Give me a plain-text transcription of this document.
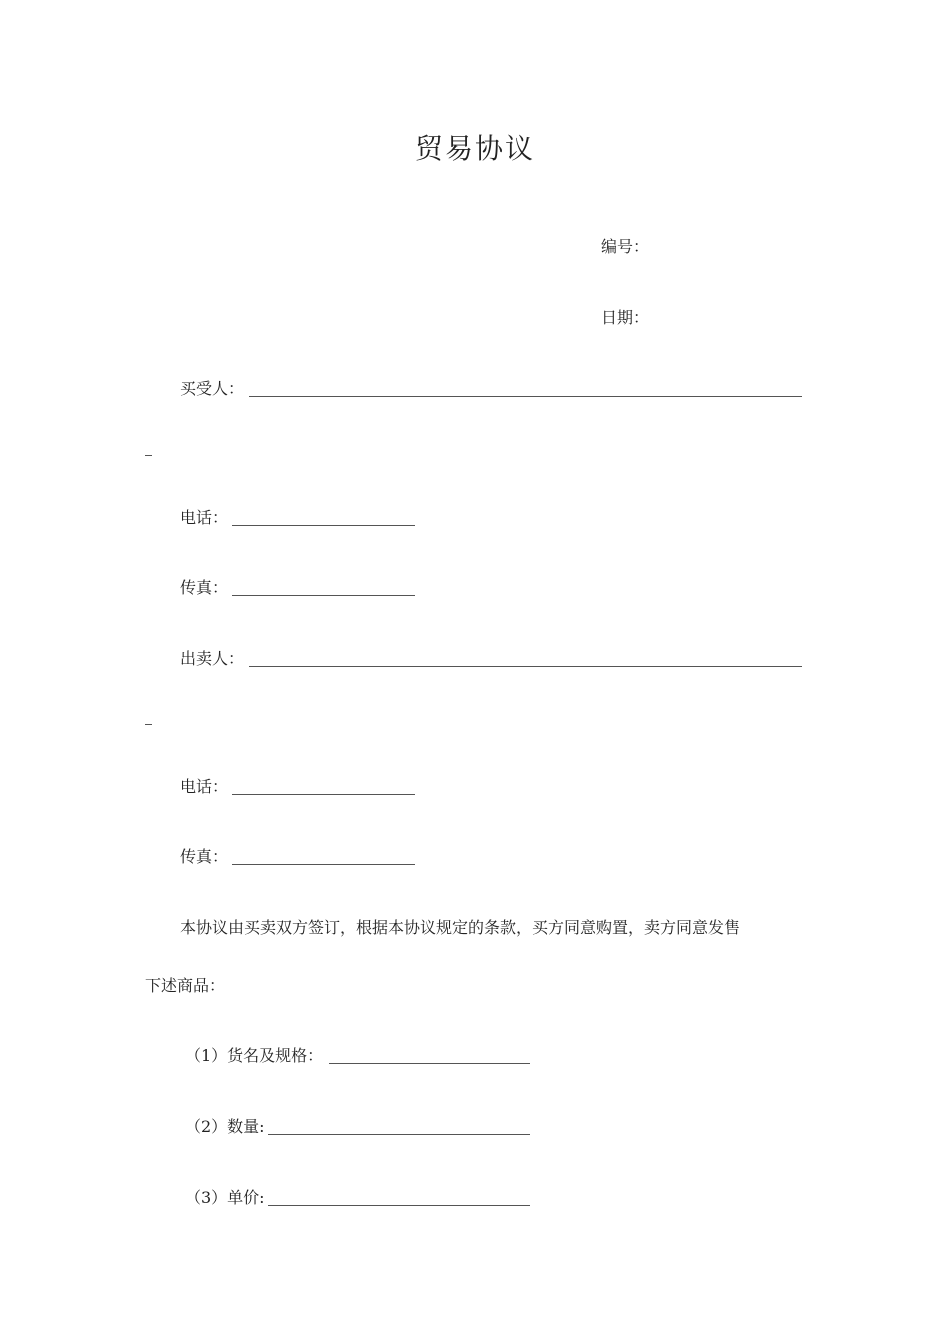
贸易协议
编号：
日期：
买受人：
电话：
传真：
出卖人：
电话：
传真：
本协议由买卖双方签订，根据本协议规定的条款，买方同意购置，卖方同意发售
下述商品：
（1）货名及规格：
（2）数量:
（3）单价:
